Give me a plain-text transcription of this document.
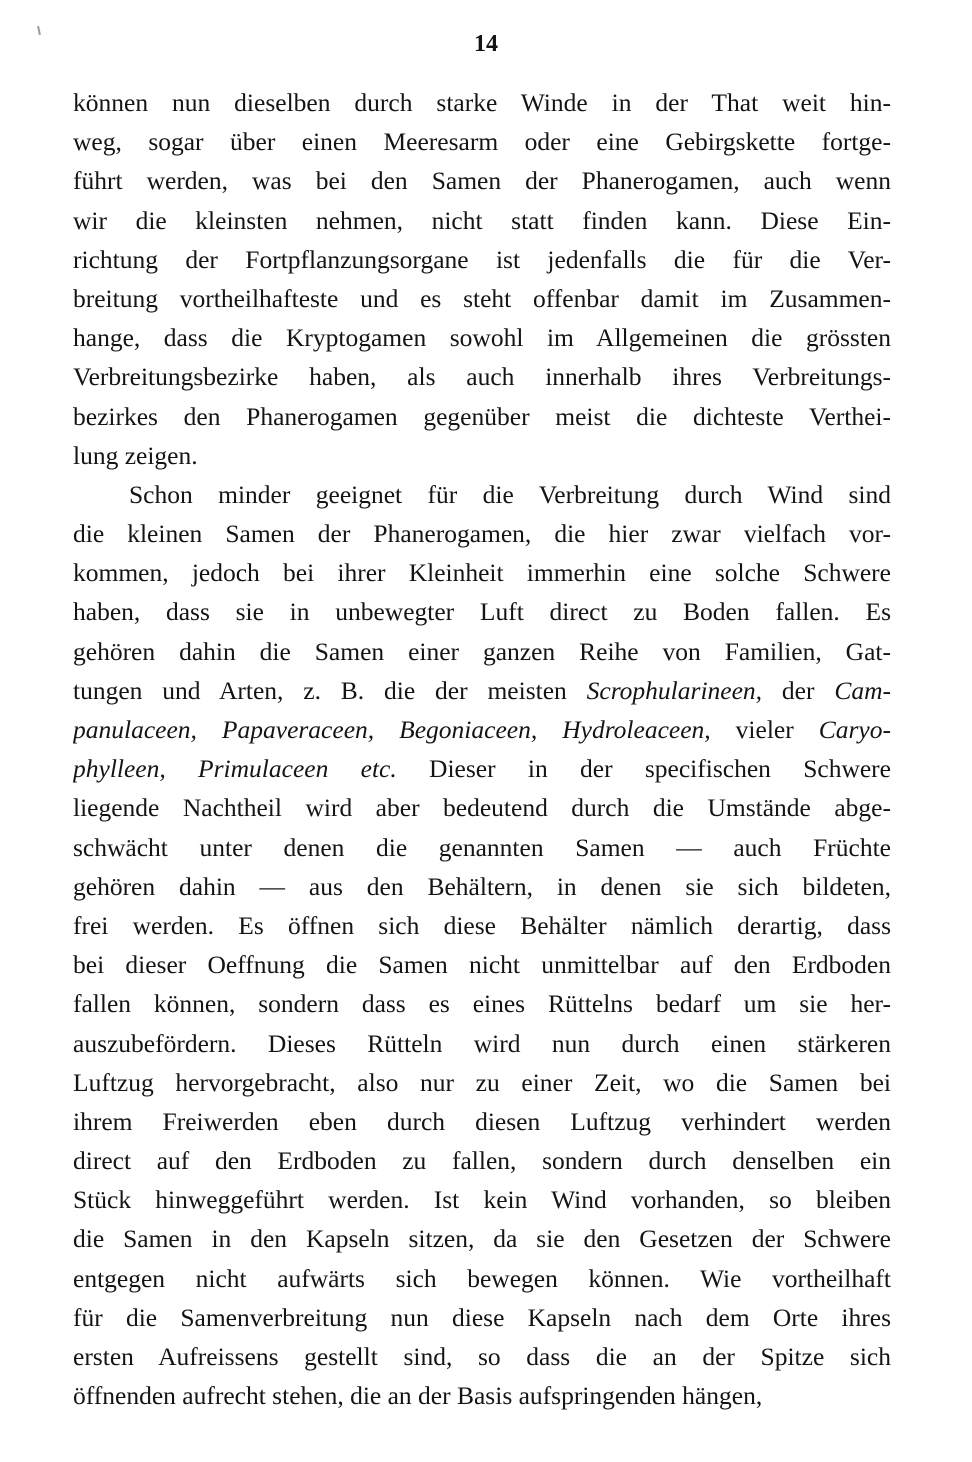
14
können nun dieselben durch starke Winde in der That weit hin-
weg, sogar über einen Meeresarm oder eine Gebirgskette fortge-
führt werden, was bei den Samen der Phanerogamen, auch wenn
wir die kleinsten nehmen, nicht statt finden kann. Diese Ein-
richtung der Fortpflanzungsorgane ist jedenfalls die für die Ver-
breitung vortheilhafteste und es steht offenbar damit im Zusammen-
hange, dass die Kryptogamen sowohl im Allgemeinen die grössten
Verbreitungsbezirke haben, als auch innerhalb ihres Verbreitungs-
bezirkes den Phanerogamen gegenüber meist die dichteste Verthei-
lung zeigen.
Schon minder geeignet für die Verbreitung durch Wind sind
die kleinen Samen der Phanerogamen, die hier zwar vielfach vor-
kommen, jedoch bei ihrer Kleinheit immerhin eine solche Schwere
haben, dass sie in unbewegter Luft direct zu Boden fallen. Es
gehören dahin die Samen einer ganzen Reihe von Familien, Gat-
tungen und Arten, z. B. die der meisten Scrophularineen, der Cam-
panulaceen, Papaveraceen, Begoniaceen, Hydroleaceen, vieler Caryo-
phylleen, Primulaceen etc. Dieser in der specifischen Schwere
liegende Nachtheil wird aber bedeutend durch die Umstände abge-
schwächt unter denen die genannten Samen — auch Früchte
gehören dahin — aus den Behältern, in denen sie sich bildeten,
frei werden. Es öffnen sich diese Behälter nämlich derartig, dass
bei dieser Oeffnung die Samen nicht unmittelbar auf den Erdboden
fallen können, sondern dass es eines Rüttelns bedarf um sie her-
auszubefördern. Dieses Rütteln wird nun durch einen stärkeren
Luftzug hervorgebracht, also nur zu einer Zeit, wo die Samen bei
ihrem Freiwerden eben durch diesen Luftzug verhindert werden
direct auf den Erdboden zu fallen, sondern durch denselben ein
Stück hinweggeführt werden. Ist kein Wind vorhanden, so bleiben
die Samen in den Kapseln sitzen, da sie den Gesetzen der Schwere
entgegen nicht aufwärts sich bewegen können. Wie vortheilhaft
für die Samenverbreitung nun diese Kapseln nach dem Orte ihres
ersten Aufreissens gestellt sind, so dass die an der Spitze sich
öffnenden aufrecht stehen, die an der Basis aufspringenden hängen,
